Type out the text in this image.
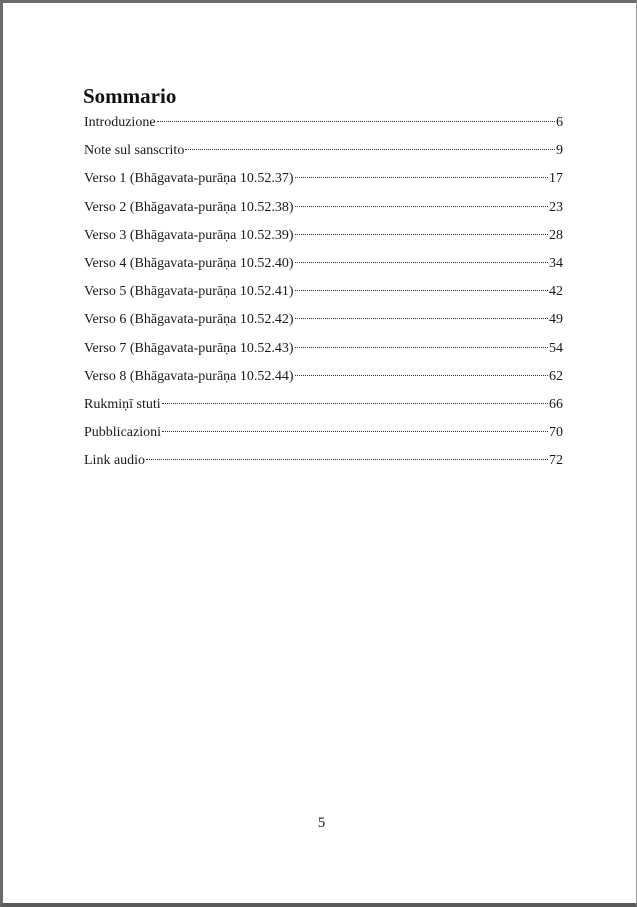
Sommario
Introduzione	6
Note sul sanscrito	9
Verso 1 (Bhāgavata-purāṇa 10.52.37)	17
Verso 2 (Bhāgavata-purāṇa 10.52.38)	23
Verso 3 (Bhāgavata-purāṇa 10.52.39)	28
Verso 4 (Bhāgavata-purāṇa 10.52.40)	34
Verso 5 (Bhāgavata-purāṇa 10.52.41)	42
Verso 6 (Bhāgavata-purāṇa 10.52.42)	49
Verso 7 (Bhāgavata-purāṇa 10.52.43)	54
Verso 8 (Bhāgavata-purāṇa 10.52.44)	62
Rukmiṇī stuti	66
Pubblicazioni	70
Link audio	72
5
